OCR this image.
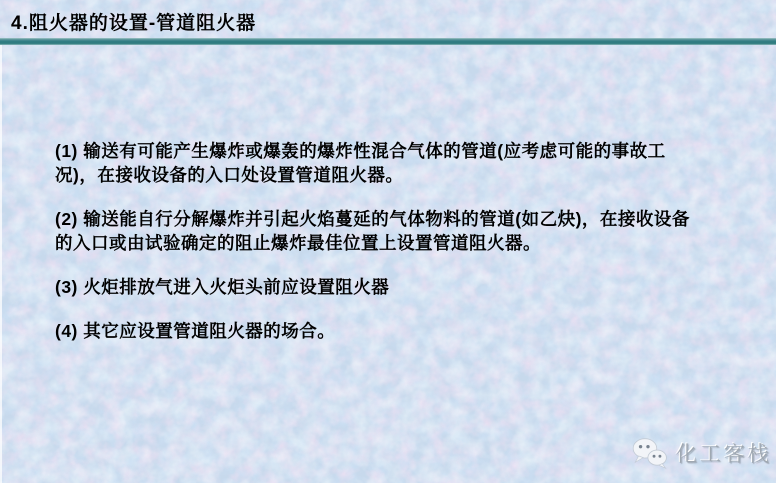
4.阻火器的设置-管道阻火器

(1) 输送有可能产生爆炸或爆轰的爆炸性混合气体的管道(应考虑可能的事故工
况)，在接收设备的入口处设置管道阻火器。

(2) 输送能自行分解爆炸并引起火焰蔓延的气体物料的管道(如乙炔)，在接收设备
的入口或由试验确定的阻止爆炸最佳位置上设置管道阻火器。

(3) 火炬排放气进入火炬头前应设置阻火器

(4) 其它应设置管道阻火器的场合。

化工客栈
